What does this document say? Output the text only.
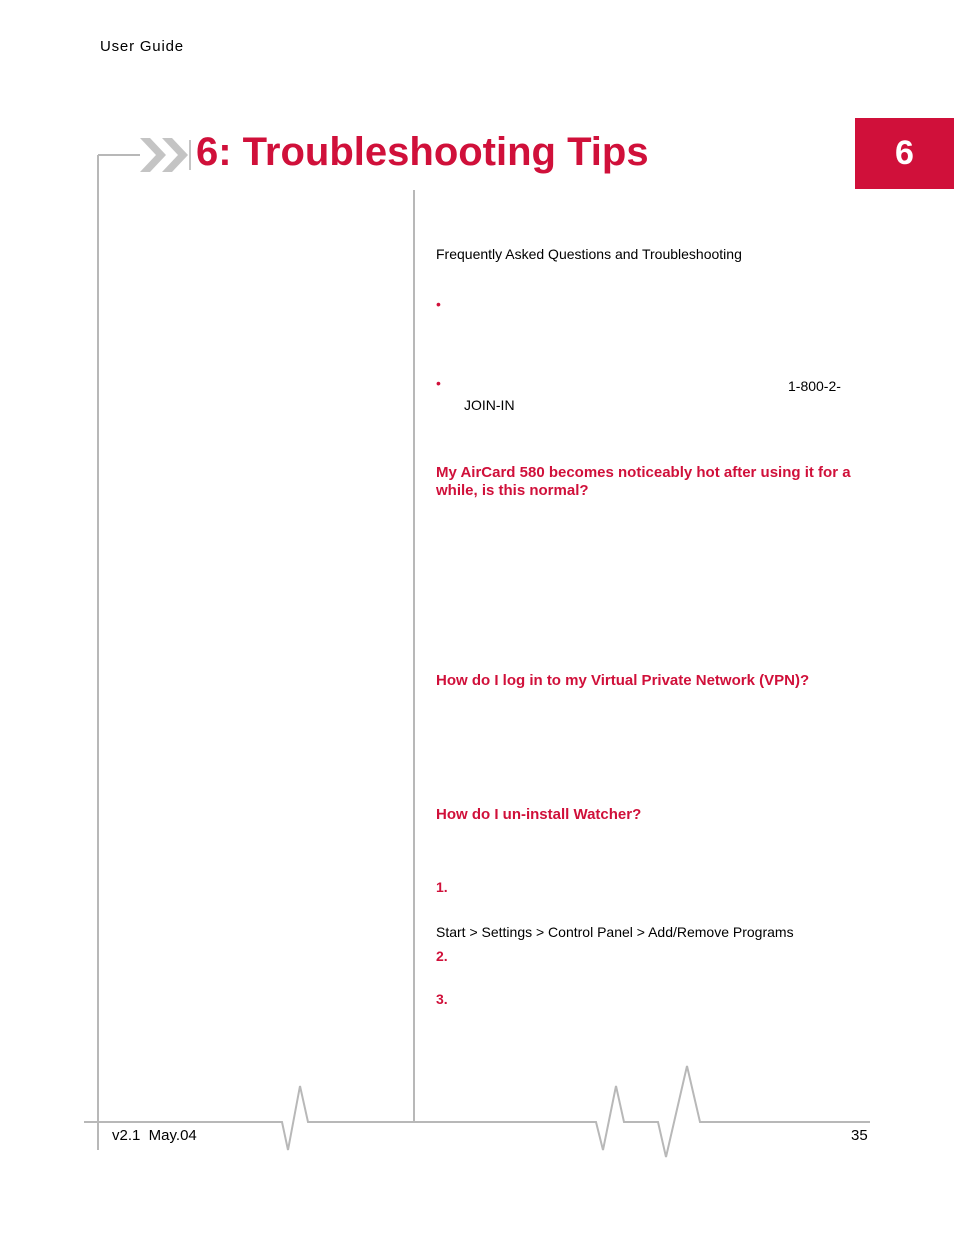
User Guide
6: Troubleshooting Tips	6
Frequently Asked Questions and Troubleshooting
•
•	1-800-2-
JOIN-IN
My AirCard 580 becomes noticeably hot after using it for a
while, is this normal?
How do I log in to my Virtual Private Network (VPN)?
How do I un-install Watcher?
1.
Start > Settings > Control Panel > Add/Remove Programs
2.
3.
v2.1  May.04	35
